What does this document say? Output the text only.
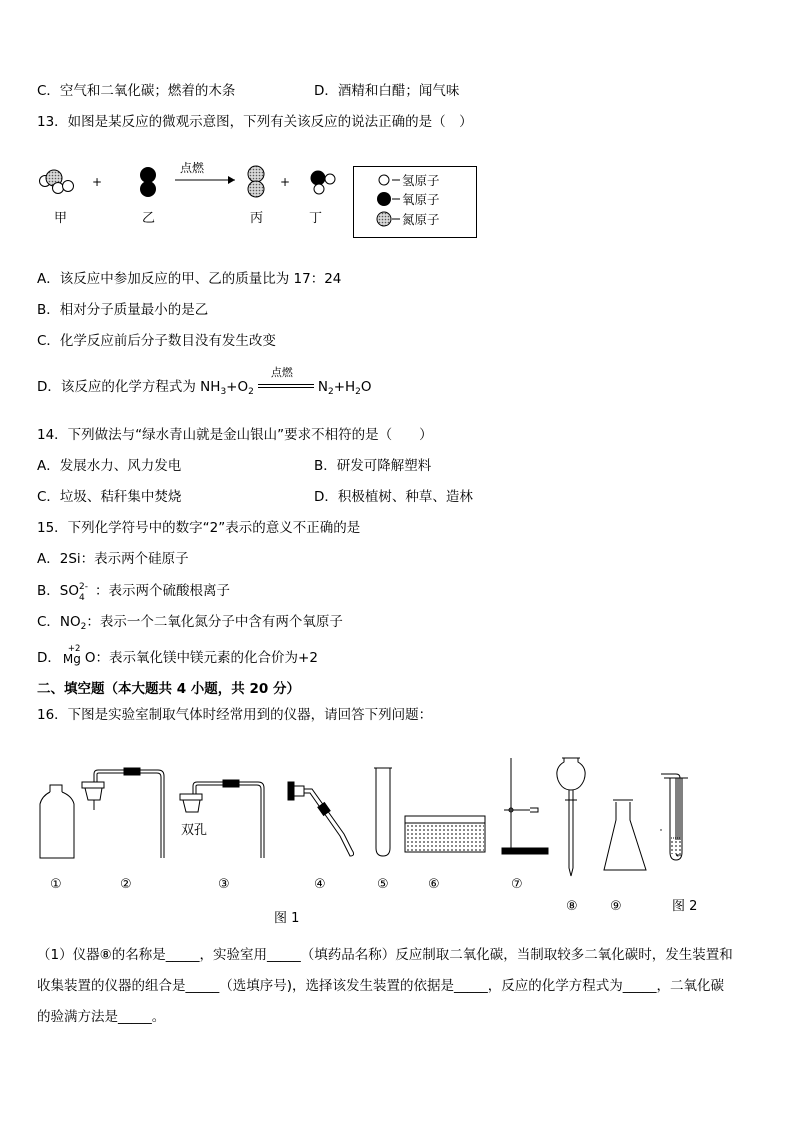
C．空气和二氧化碳；燃着的木条	D．酒精和白醋；闻气味
13．如图是某反应的微观示意图，下列有关该反应的说法正确的是（　）
+
点燃
+
甲	乙	丙	丁
氢原子
氧原子
氮原子
A．该反应中参加反应的甲、乙的质量比为 17：24
B．相对分子质量最小的是乙
C．化学反应前后分子数目没有发生改变
D．该反应的化学方程式为 $NH_3+O_2$
点燃
$N_2+H_2O$
14．下列做法与“绿水青山就是金山银山”要求不相符的是（　　）
A．发展水力、风力发电	B．研发可降解塑料
C．垃圾、秸秆集中焚烧	D．积极植树、种草、造林
15．下列化学符号中的数字“2”表示的意义不正确的是
A．2Si：表示两个硅原子
B．SO 2-
4 ：表示两个硫酸根离子
C．$NO_2$：表示一个二氧化氮分子中含有两个氧原子
D．
+2
Mg O：表示氧化镁中镁元素的化合价为+2
二、填空题（本大题共 4 小题，共 20 分）
16．下图是实验室制取气体时经常用到的仪器，请回答下列问题：
双孔
①	②	③	④	⑤	⑥	⑦
⑧ ⑨
图 1
图 2
（1）仪器⑧的名称是_____，实验室用_____（填药品名称）反应制取二氧化碳，当制取较多二氧化碳时，发生装置和
收集装置的仪器的组合是_____（选填序号)，选择该发生装置的依据是_____，反应的化学方程式为_____，二氧化碳
的验满方法是_____。
